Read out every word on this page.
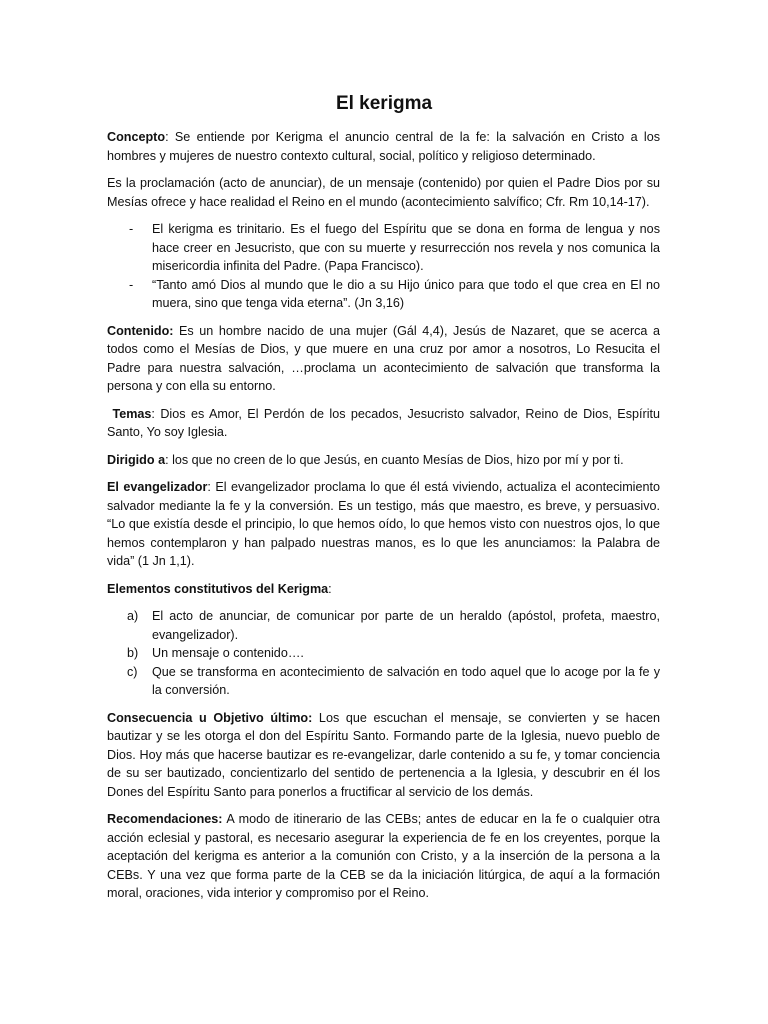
El kerigma

Concepto: Se entiende por Kerigma el anuncio central de la fe: la salvación en Cristo a los hombres y mujeres de nuestro contexto cultural, social, político y religioso determinado.

Es la proclamación (acto de anunciar), de un mensaje (contenido) por quien el Padre Dios por su Mesías ofrece y hace realidad el Reino en el mundo (acontecimiento salvífico; Cfr. Rm 10,14-17).

-	El kerigma es trinitario. Es el fuego del Espíritu que se dona en forma de lengua y nos hace creer en Jesucristo, que con su muerte y resurrección nos revela y nos comunica la misericordia infinita del Padre. (Papa Francisco).
-	“Tanto amó Dios al mundo que le dio a su Hijo único para que todo el que crea en El no muera, sino que tenga vida eterna”. (Jn 3,16)

Contenido: Es un hombre nacido de una mujer (Gál 4,4), Jesús de Nazaret, que se acerca a todos como el Mesías de Dios, y que muere en una cruz por amor a nosotros, Lo Resucita el Padre para nuestra salvación, …proclama un acontecimiento de salvación que transforma la persona y con ella su entorno.

Temas: Dios es Amor, El Perdón de los pecados, Jesucristo salvador, Reino de Dios, Espíritu Santo, Yo soy Iglesia.

Dirigido a: los que no creen de lo que Jesús, en cuanto Mesías de Dios, hizo por mí y por ti.

El evangelizador: El evangelizador proclama lo que él está viviendo, actualiza el acontecimiento salvador mediante la fe y la conversión. Es un testigo, más que maestro, es breve, y persuasivo. “Lo que existía desde el principio, lo que hemos oído, lo que hemos visto con nuestros ojos, lo que hemos contemplaron y han palpado nuestras manos, es lo que les anunciamos: la Palabra de vida” (1 Jn 1,1).

Elementos constitutivos del Kerigma:

a)	El acto de anunciar, de comunicar por parte de un heraldo (apóstol, profeta, maestro, evangelizador).
b)	Un mensaje o contenido….
c)	Que se transforma en acontecimiento de salvación en todo aquel que lo acoge por la fe y la conversión.

Consecuencia u Objetivo último: Los que escuchan el mensaje, se convierten y se hacen bautizar y se les otorga el don del Espíritu Santo. Formando parte de la Iglesia, nuevo pueblo de Dios. Hoy más que hacerse bautizar es re-evangelizar, darle contenido a su fe, y tomar conciencia de su ser bautizado, concientizarlo del sentido de pertenencia a la Iglesia, y descubrir en él los Dones del Espíritu Santo para ponerlos a fructificar al servicio de los demás.

Recomendaciones: A modo de itinerario de las CEBs; antes de educar en la fe o cualquier otra acción eclesial y pastoral, es necesario asegurar la experiencia de fe en los creyentes, porque la aceptación del kerigma es anterior a la comunión con Cristo, y a la inserción de la persona a la CEBs. Y una vez que forma parte de la CEB se da la iniciación litúrgica, de aquí a la formación moral, oraciones, vida interior y compromiso por el Reino.
